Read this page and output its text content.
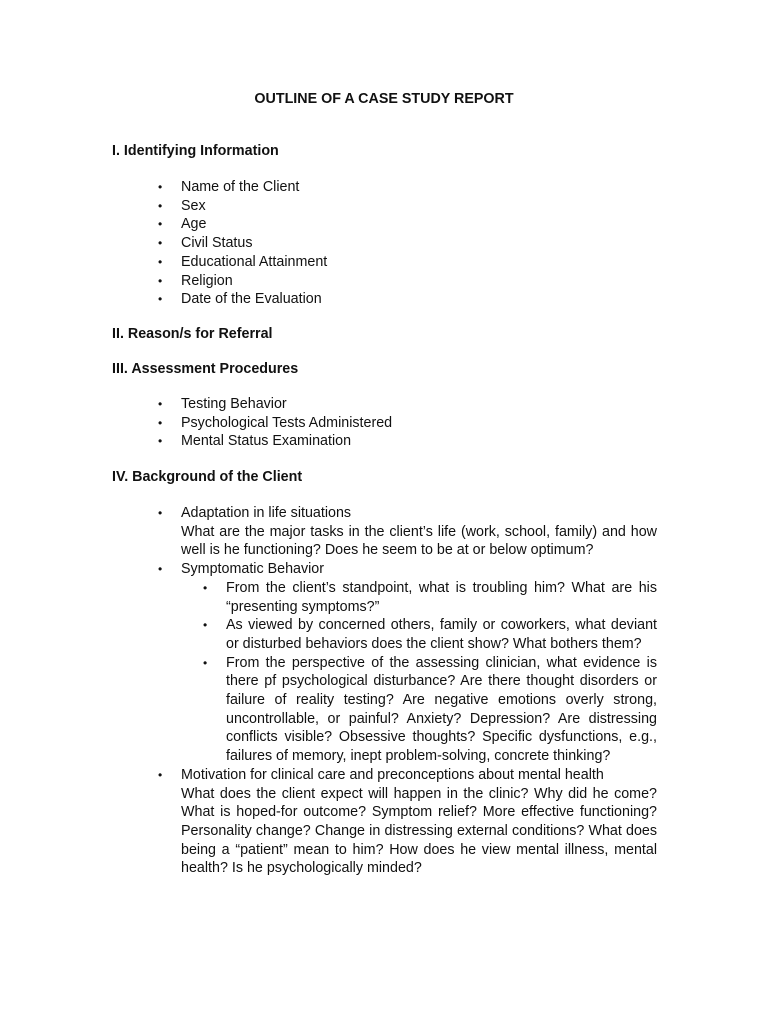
OUTLINE OF A CASE STUDY REPORT
I. Identifying Information
• Name of the Client
• Sex
• Age
• Civil Status
• Educational Attainment
• Religion
• Date of the Evaluation
II. Reason/s for Referral
III. Assessment Procedures
• Testing Behavior
• Psychological Tests Administered
• Mental Status Examination
IV. Background of the Client
• Adaptation in life situations
What are the major tasks in the client’s life (work, school, family) and how well is he functioning? Does he seem to be at or below optimum?
• Symptomatic Behavior
• From the client’s standpoint, what is troubling him? What are his “presenting symptoms?”
• As viewed by concerned others, family or coworkers, what deviant or disturbed behaviors does the client show? What bothers them?
• From the perspective of the assessing clinician, what evidence is there pf psychological disturbance? Are there thought disorders or failure of reality testing? Are negative emotions overly strong, uncontrollable, or painful? Anxiety? Depression? Are distressing conflicts visible? Obsessive thoughts? Specific dysfunctions, e.g., failures of memory, inept problem-solving, concrete thinking?
• Motivation for clinical care and preconceptions about mental health
What does the client expect will happen in the clinic? Why did he come? What is hoped-for outcome? Symptom relief? More effective functioning? Personality change? Change in distressing external conditions? What does being a “patient” mean to him? How does he view mental illness, mental health? Is he psychologically minded?
